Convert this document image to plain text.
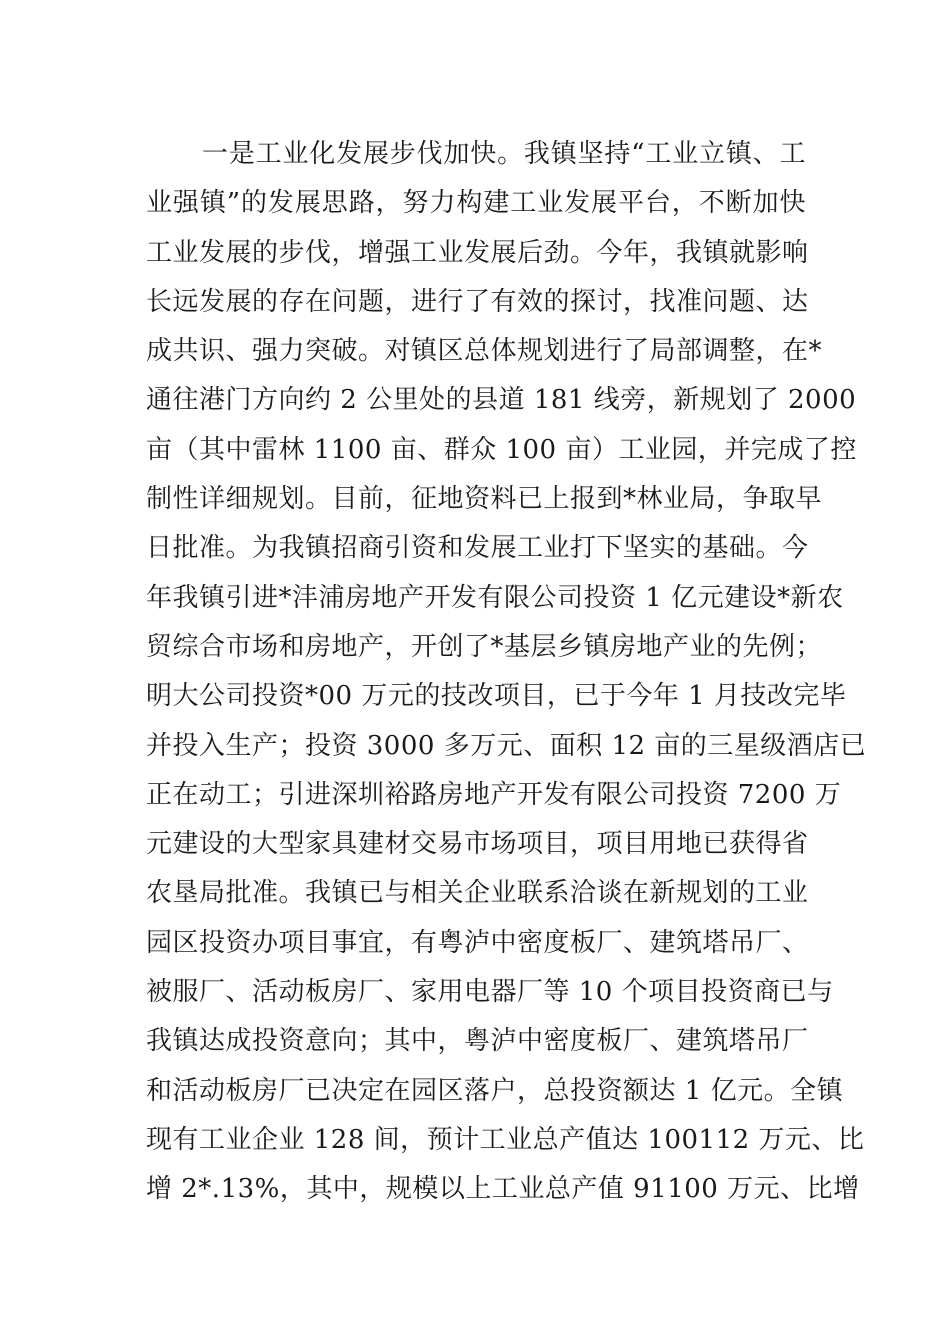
一是工业化发展步伐加快。我镇坚持“工业立镇、工
业强镇”的发展思路，努力构建工业发展平台，不断加快
工业发展的步伐，增强工业发展后劲。今年，我镇就影响
长远发展的存在问题，进行了有效的探讨，找准问题、达
成共识、强力突破。对镇区总体规划进行了局部调整，在*
通往港门方向约 2 公里处的县道 181 线旁，新规划了 2000
亩（其中雷林 1100 亩、群众 100 亩）工业园，并完成了控
制性详细规划。目前，征地资料已上报到*林业局，争取早
日批准。为我镇招商引资和发展工业打下坚实的基础。今
年我镇引进*沣浦房地产开发有限公司投资 1 亿元建设*新农
贸综合市场和房地产，开创了*基层乡镇房地产业的先例；
明大公司投资*00 万元的技改项目，已于今年 1 月技改完毕
并投入生产；投资 3000 多万元、面积 12 亩的三星级酒店已
正在动工；引进深圳裕路房地产开发有限公司投资 7200 万
元建设的大型家具建材交易市场项目，项目用地已获得省
农垦局批准。我镇已与相关企业联系洽谈在新规划的工业
园区投资办项目事宜，有粤泸中密度板厂、建筑塔吊厂、
被服厂、活动板房厂、家用电器厂等 10 个项目投资商已与
我镇达成投资意向；其中，粤泸中密度板厂、建筑塔吊厂
和活动板房厂已决定在园区落户，总投资额达 1 亿元。全镇
现有工业企业 128 间，预计工业总产值达 100112 万元、比
增 2*.13%，其中，规模以上工业总产值 91100 万元、比增
